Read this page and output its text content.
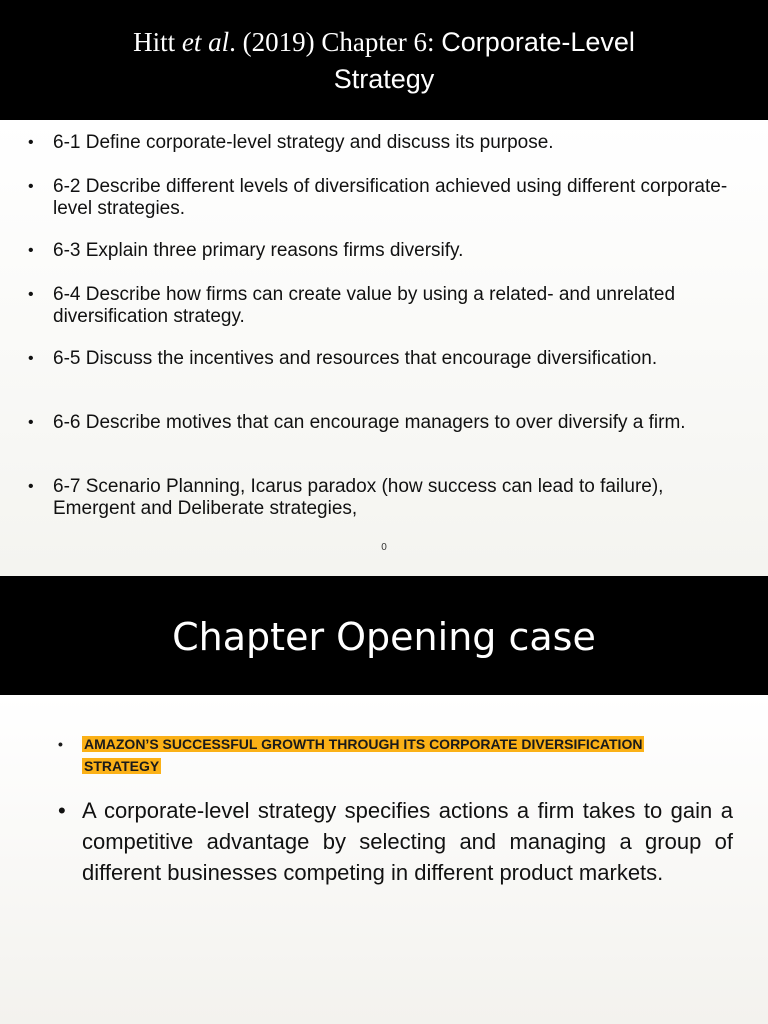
Hitt et al. (2019) Chapter 6: Corporate-Level
Strategy
• 6-1 Define corporate-level strategy and discuss its purpose.
• 6-2 Describe different levels of diversification achieved using different corporate-level strategies.
• 6-3 Explain three primary reasons firms diversify.
• 6-4 Describe how firms can create value by using a related- and unrelated diversification strategy.
• 6-5 Discuss the incentives and resources that encourage diversification.
• 6-6 Describe motives that can encourage managers to over diversify a firm.
• 6-7 Scenario Planning, Icarus paradox (how success can lead to failure), Emergent and Deliberate strategies,
0
Chapter Opening case
• AMAZON’S SUCCESSFUL GROWTH THROUGH ITS CORPORATE DIVERSIFICATION STRATEGY
• A corporate-level strategy specifies actions a firm takes to gain a competitive advantage by selecting and managing a group of different businesses competing in different product markets.
